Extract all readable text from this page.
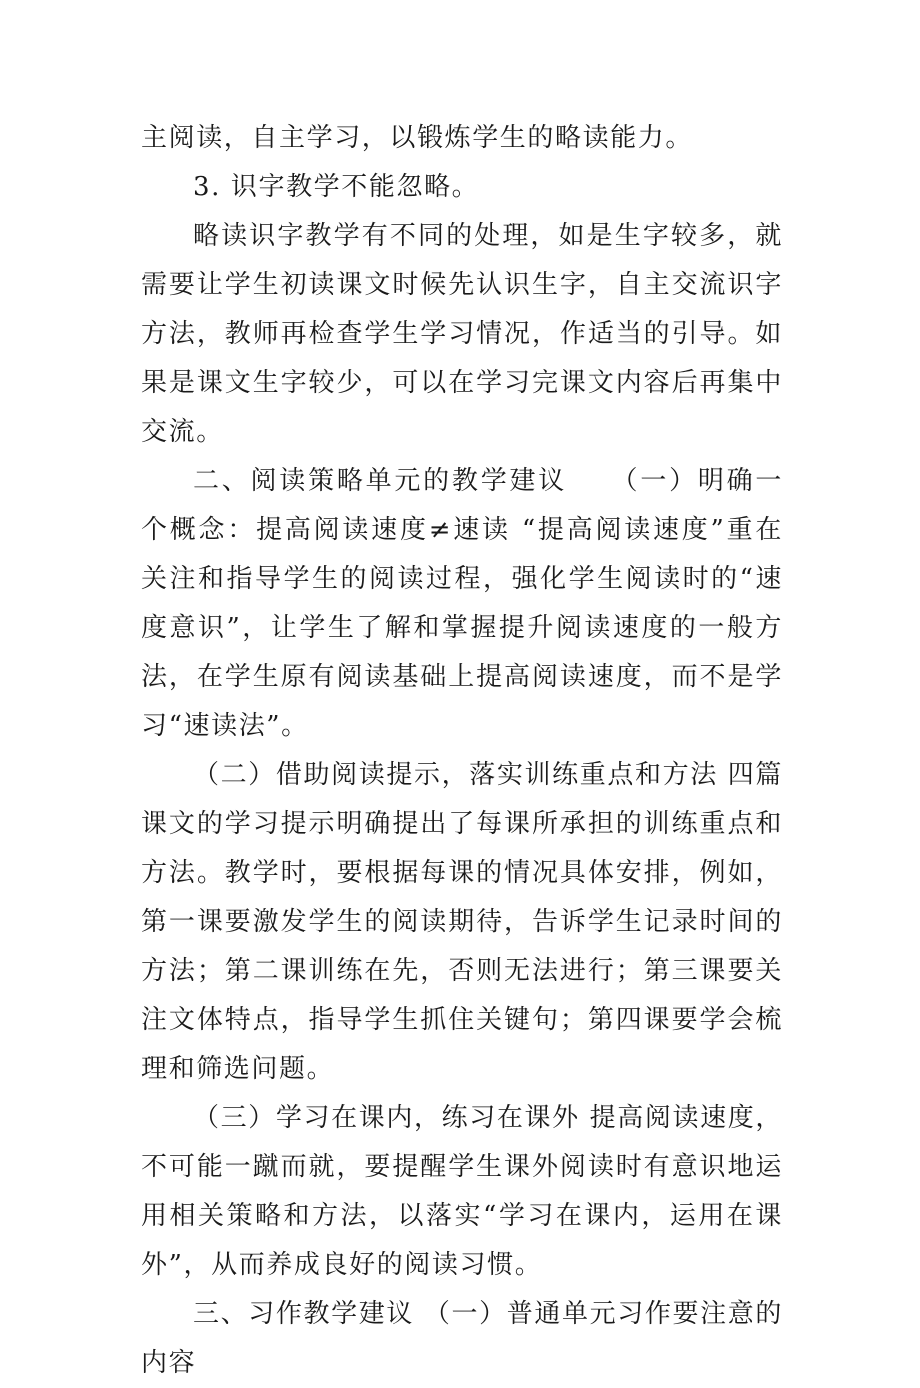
主阅读，自主学习，以锻炼学生的略读能力。

3. 识字教学不能忽略。

略读识字教学有不同的处理，如是生字较多，就需要让学生初读课文时候先认识生字，自主交流识字方法，教师再检查学生学习情况，作适当的引导。如果是课文生字较少，可以在学习完课文内容后再集中交流。

二、阅读策略单元的教学建议　　（一）明确一个概念：提高阅读速度≠速读 “提高阅读速度”重在关注和指导学生的阅读过程，强化学生阅读时的“速度意识”，让学生了解和掌握提升阅读速度的一般方法，在学生原有阅读基础上提高阅读速度，而不是学习“速读法”。

（二）借助阅读提示，落实训练重点和方法 四篇课文的学习提示明确提出了每课所承担的训练重点和方法。教学时，要根据每课的情况具体安排，例如，第一课要激发学生的阅读期待，告诉学生记录时间的方法；第二课训练在先，否则无法进行；第三课要关注文体特点，指导学生抓住关键句；第四课要学会梳理和筛选问题。

（三）学习在课内，练习在课外 提高阅读速度，不可能一蹴而就，要提醒学生课外阅读时有意识地运用相关策略和方法，以落实“学习在课内，运用在课外”，从而养成良好的阅读习惯。

三、习作教学建议 （一）普通单元习作要注意的内容
